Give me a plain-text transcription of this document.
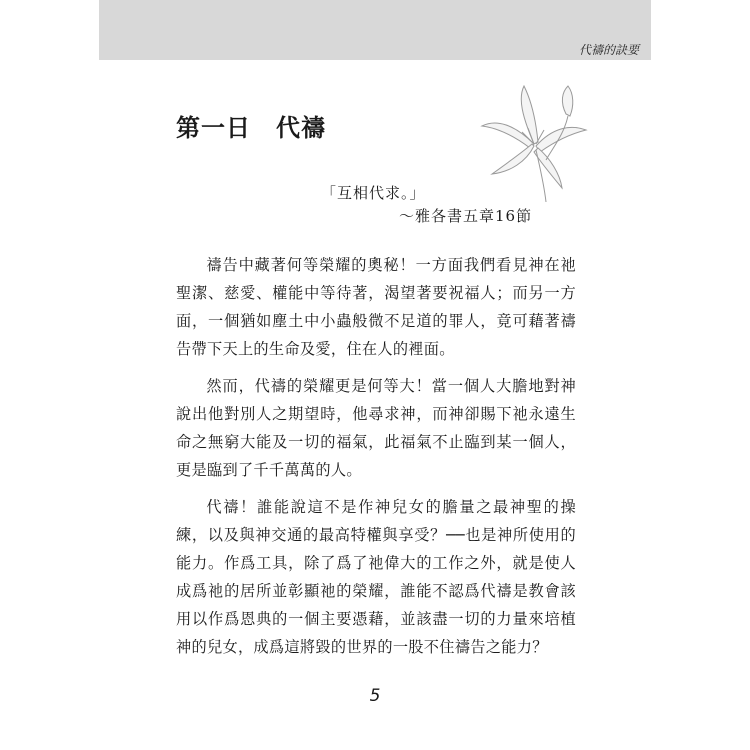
代禱的訣要
第一日　代禱
「互相代求。」
～雅各書五章16節

禱告中藏著何等榮耀的奧秘！一方面我們看見神在祂聖潔、慈愛、權能中等待著，渴望著要祝福人；而另一方面，一個猶如塵土中小蟲般微不足道的罪人，竟可藉著禱告帶下天上的生命及愛，住在人的裡面。

然而，代禱的榮耀更是何等大！當一個人大膽地對神說出他對別人之期望時，他尋求神，而神卻賜下祂永遠生命之無窮大能及一切的福氣，此福氣不止臨到某一個人，更是臨到了千千萬萬的人。

代禱！誰能說這不是作神兒女的膽量之最神聖的操練，以及與神交通的最高特權與享受？──也是神所使用的能力。作爲工具，除了爲了祂偉大的工作之外，就是使人成爲祂的居所並彰顯祂的榮耀，誰能不認爲代禱是教會該用以作爲恩典的一個主要憑藉，並該盡一切的力量來培植神的兒女，成爲這將毀的世界的一股不住禱告之能力？

5
